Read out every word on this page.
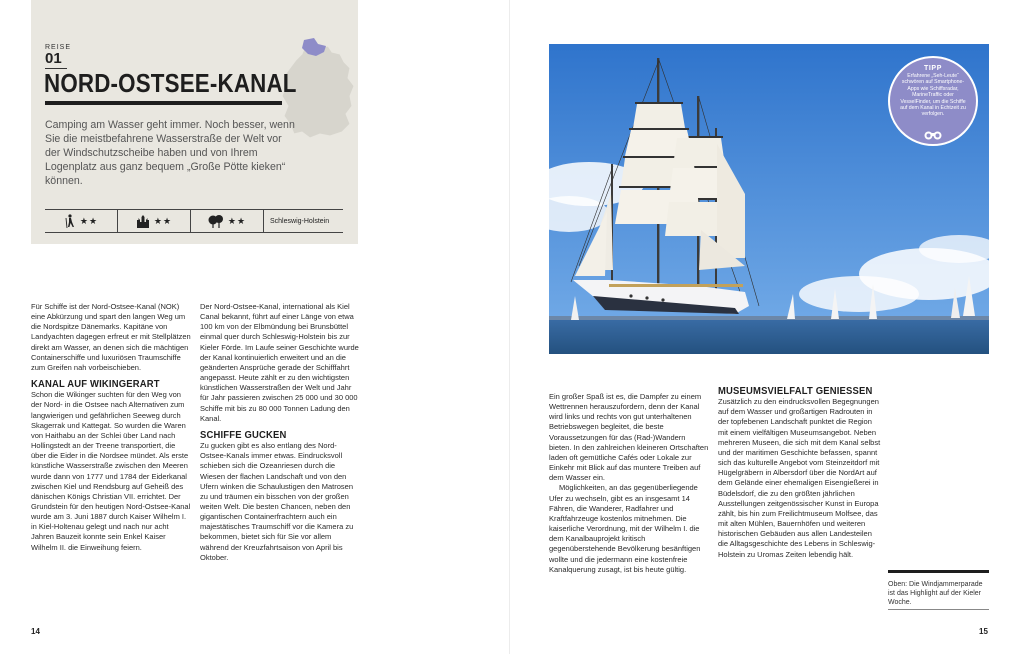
REISE
01
NORD-OSTSEE-KANAL
Camping am Wasser geht immer. Noch besser, wenn Sie die meistbefahrene Wasserstraße der Welt vor der Windschutzscheibe haben und von Ihrem Logenplatz aus ganz bequem „Große Pötte kieken“ können.
★★	★★	★★	Schleswig-Holstein

Für Schiffe ist der Nord-Ostsee-Kanal (NOK) eine Abkürzung und spart den langen Weg um die Nordspitze Dänemarks. Kapitäne von Landyachten dagegen erfreut er mit Stellplätzen direkt am Wasser, an denen sich die mächtigen Containerschiffe und luxuriösen Traumschiffe zum Greifen nah vorbeischieben.

KANAL AUF WIKINGERART

Schon die Wikinger suchten für den Weg von der Nord- in die Ostsee nach Alternativen zum langwierigen und gefährlichen Seeweg durch Skagerrak und Kattegat. So wurden die Waren von Haithabu an der Schlei über Land nach Hollingstedt an der Treene transportiert, die über die Eider in die Nordsee mündet. Als erste künstliche Wasserstraße zwischen den Meeren wurde dann von 1777 und 1784 der Eiderkanal zwischen Kiel und Rendsburg auf Geheiß des dänischen Königs Christian VII. errichtet. Der Grundstein für den heutigen Nord-Ostsee-Kanal wurde am 3. Juni 1887 durch Kaiser Wilhelm I. in Kiel-Holtenau gelegt und nach nur acht Jahren Bauzeit konnte sein Enkel Kaiser Wilhelm II. die Einweihung feiern.

Der Nord-Ostsee-Kanal, international als Kiel Canal bekannt, führt auf einer Länge von etwa 100 km von der Elbmündung bei Brunsbüttel einmal quer durch Schleswig-Holstein bis zur Kieler Förde. Im Laufe seiner Geschichte wurde der Kanal kontinuierlich erweitert und an die geänderten Ansprüche gerade der Schifffahrt angepasst. Heute zählt er zu den wichtigsten künstlichen Wasserstraßen der Welt und Jahr für Jahr passieren zwischen 25 000 und 30 000 Schiffe mit bis zu 80 000 Tonnen Ladung den Kanal.

SCHIFFE GUCKEN

Zu gucken gibt es also entlang des Nord-Ostsee-Kanals immer etwas. Eindrucksvoll schieben sich die Ozeanriesen durch die Wiesen der flachen Landschaft und von den Ufern winken die Schaulustigen den Matrosen zu und träumen ein bisschen von der großen weiten Welt. Die besten Chancen, neben den gigantischen Containerfrachtern auch ein majestätisches Traumschiff vor die Kamera zu bekommen, bietet sich für Sie vor allem während der Kreuzfahrtsaison von April bis Oktober.

14
TIPP
Erfahrene „Seh-Leute“ schwören auf Smartphone-Apps wie Schiffsradar, MarineTraffic oder VesselFinder, um die Schiffe auf dem Kanal in Echtzeit zu verfolgen.

Ein großer Spaß ist es, die Dampfer zu einem Wettrennen herauszufordern, denn der Kanal wird links und rechts von gut unterhaltenen Betriebswegen begleitet, die beste Voraussetzungen für das (Rad-)Wandern bieten. In den zahlreichen kleineren Ortschaften laden oft gemütliche Cafés oder Lokale zur Einkehr mit Blick auf das muntere Treiben auf dem Wasser ein.

Möglichkeiten, an das gegenüberliegende Ufer zu wechseln, gibt es an insgesamt 14 Fähren, die Wanderer, Radfahrer und Kraftfahrzeuge kostenlos mitnehmen. Die kaiserliche Verordnung, mit der Wilhelm I. die dem Kanalbauprojekt kritisch gegenüberstehende Bevölkerung besänftigen wollte und die jedermann eine kostenfreie Kanalquerung zusagt, ist bis heute gültig.

MUSEUMSVIELFALT GENIESSEN

Zusätzlich zu den eindrucksvollen Begegnungen auf dem Wasser und großartigen Radrouten in der topfebenen Landschaft punktet die Region mit einem vielfältigen Museumsangebot. Neben mehreren Museen, die sich mit dem Kanal selbst und der maritimen Geschichte befassen, spannt sich das kulturelle Angebot vom Steinzeitdorf mit Hügelgräbern in Albersdorf über die NordArt auf dem Gelände einer ehemaligen Eisengießerei in Büdelsdorf, die zu den größten jährlichen Ausstellungen zeitgenössischer Kunst in Europa zählt, bis hin zum Freilichtmuseum Molfsee, das mit alten Mühlen, Bauernhöfen und weiteren historischen Gebäuden aus allen Landesteilen die Alltagsgeschichte des Lebens in Schleswig-Holstein zu Uromas Zeiten lebendig hält.

Oben: Die Windjammerparade ist das Highlight auf der Kieler Woche.
15
